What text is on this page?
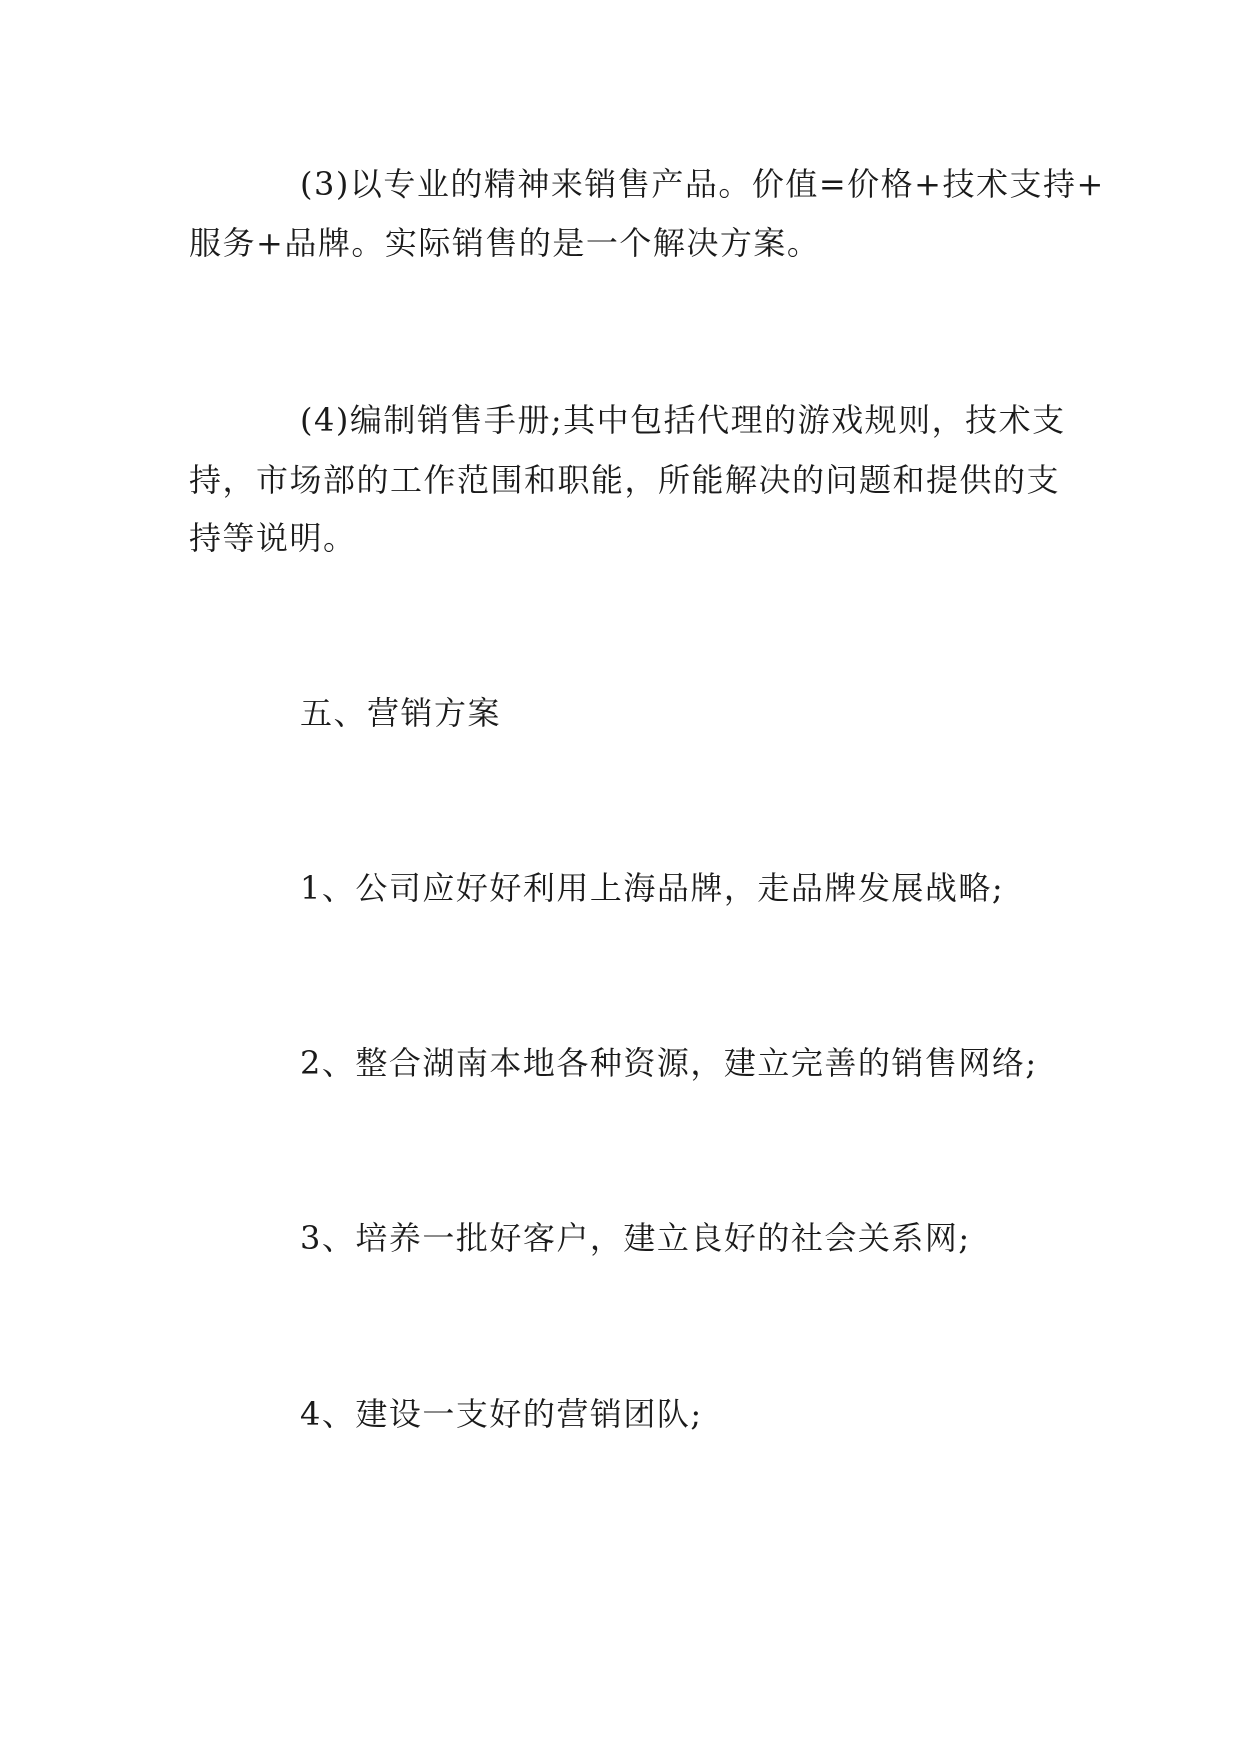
(3)以专业的精神来销售产品。价值=价格+技术支持+
服务+品牌。实际销售的是一个解决方案。
(4)编制销售手册;其中包括代理的游戏规则，技术支
持，市场部的工作范围和职能，所能解决的问题和提供的支
持等说明。
五、营销方案
1、公司应好好利用上海品牌，走品牌发展战略;
2、整合湖南本地各种资源，建立完善的销售网络;
3、培养一批好客户，建立良好的社会关系网;
4、建设一支好的营销团队;
